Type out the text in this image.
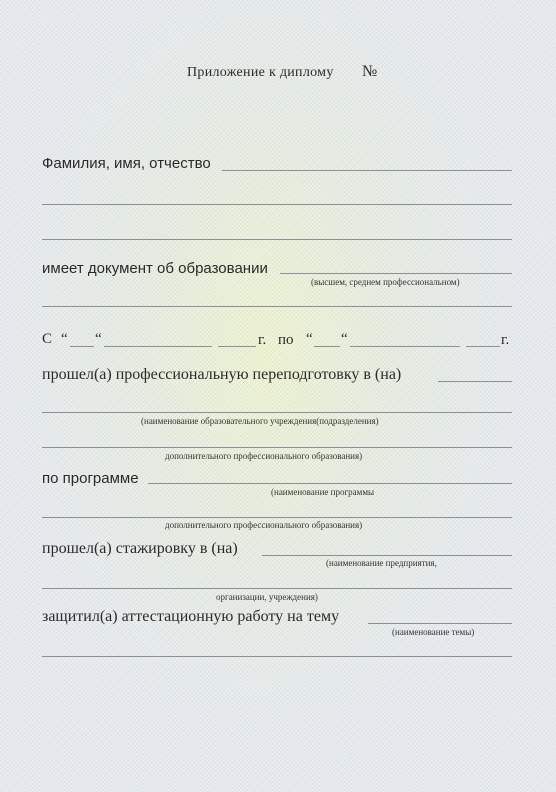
Приложение к диплому №
Фамилия, имя, отчество
имеет документ об образовании
(высшем, среднем профессиональном)
С “ “	г. по “ “	г.
прошел(а) профессиональную переподготовку в (на)
(наименование образовательного учреждения(подразделения)
дополнительного профессионального образования)
по программе
(наименование программы
дополнительного профессионального образования)
прошел(а) стажировку в (на)
(наименование предприятия,
организации, учреждения)
защитил(а) аттестационную работу на тему
(наименование темы)
